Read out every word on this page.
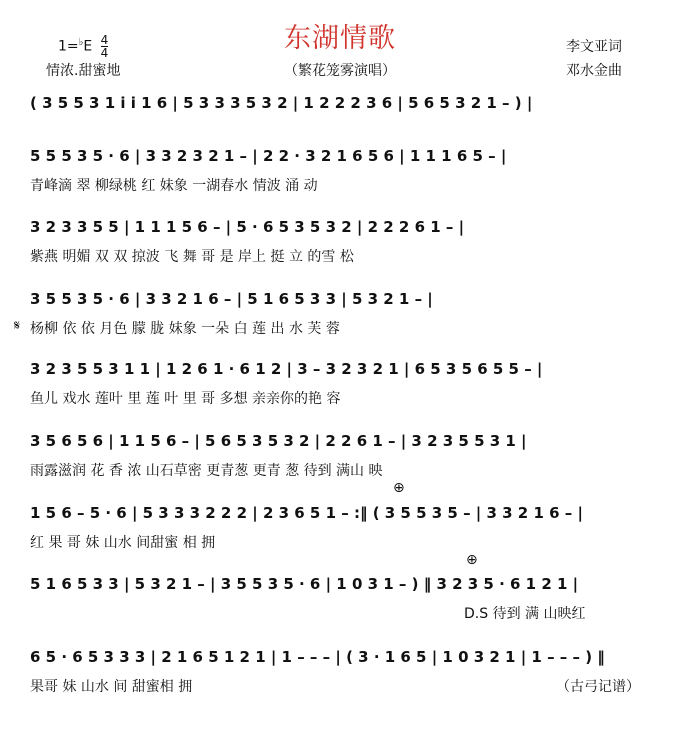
东湖情歌
（繁花笼雾演唱）
$1=^♭E \frac{4}{4}$
情浓.甜蜜地
李文亚词
邓水金曲
( 3 5 5 3 1 i i 1 6 | 5 3 3 3 5 3 2 | 1 2 2 2 3 6 | 5 6 5 3 2 1 – ) |
5 5 5 3 5 · 6 | 3 3 2 3 2 1 – | 2 2 · 3 2 1 6 5 6 | 1 1 1 6 5 – |
青峰滴 翠 柳绿桃 红 妹象 一湖春水 情波 涌 动
3 2 3 3 5 5 | 1 1 1 5 6 – | 5 · 6 5 3 5 3 2 | 2 2 2 6 1 – |
紫燕 明媚 双 双 掠波 飞 舞 哥 是 岸上 挺 立 的雪 松
3 5 5 3 5 · 6 | 3 3 2 1 6 – | 5 1 6 5 3 3 | 5 3 2 1 – |
𝄋 杨柳 依 依 月色 朦 胧 妹象 一朵 白 莲 出 水 芙 蓉
3 2 3 5 5 3 1 1 | 1 2 6 1 · 6 1 2 | 3 – 3 2 3 2 1 | 6 5 3 5 6 5 5 – |
鱼儿 戏水 莲叶 里 莲 叶 里 哥 多想 亲亲你的艳 容
3 5 6 5 6 | 1 1 5 6 – | 5 6 5 3 5 3 2 | 2 2 6 1 – | 3 2 3 5 5 3 1 |
雨露滋润 花 香 浓 山石草密 更青葱 更青 葱 待到 满山 映
⊕
1 5 6 – 5 · 6 | 5 3 3 3 2 2 2 | 2 3 6 5 1 – :‖ ( 3 5 5 3 5 – | 3 3 2 1 6 – |
红 果 哥 妹 山水 间甜蜜 相 拥
⊕
5 1 6 5 3 3 | 5 3 2 1 – | 3 5 5 3 5 · 6 | 1 0 3 1 – ) ‖ 3 2 3 5 · 6 1 2 1 |
D.S 待到 满 山映红
6 5 · 6 5 3 3 3 | 2 1 6 5 1 2 1 | 1 – – – | ( 3 · 1 6 5 | 1 0 3 2 1 | 1 – – – ) ‖
果哥 妹 山水 间 甜蜜相 拥	（古弓记谱）
